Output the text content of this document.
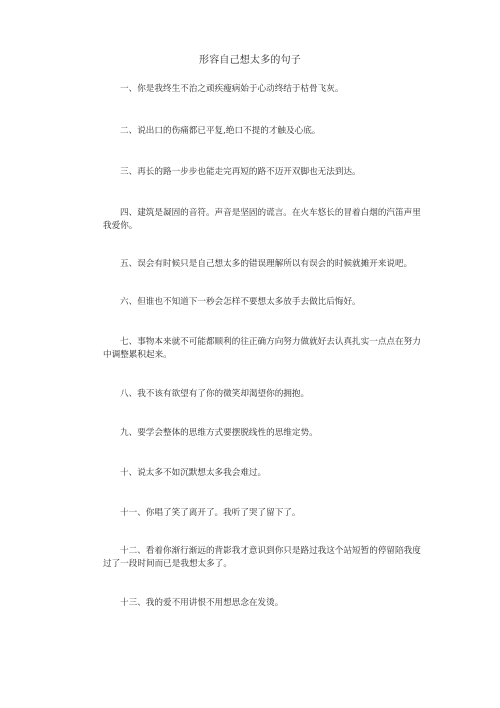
形容自己想太多的句子

一、你是我终生不治之顽疾瘦病始于心动终结于枯骨飞灰。

二、说出口的伤痛都已平复,绝口不提的才触及心底。

三、再长的路一步步也能走完再短的路不迈开双脚也无法到达。

四、建筑是凝固的音符。声音是坚固的谎言。在火车悠长的冒着白烟的汽笛声里我爱你。

五、误会有时候只是自己想太多的错误理解所以有误会的时候就摊开来说吧。

六、但谁也不知道下一秒会怎样不要想太多放手去做比后悔好。

七、事物本来就不可能都顺利的往正确方向努力做就好去认真扎实一点点在努力中调整累积起来。

八、我不该有欲望有了你的微笑却渴望你的拥抱。

九、要学会整体的思维方式要摆脱线性的思维定势。

十、说太多不如沉默想太多我会难过。

十一、你唱了笑了离开了。我听了哭了留下了。

十二、看着你渐行渐远的背影我才意识到你只是路过我这个站短暂的停留陪我度过了一段时间而已是我想太多了。

十三、我的爱不用讲恨不用想思念在发烫。
